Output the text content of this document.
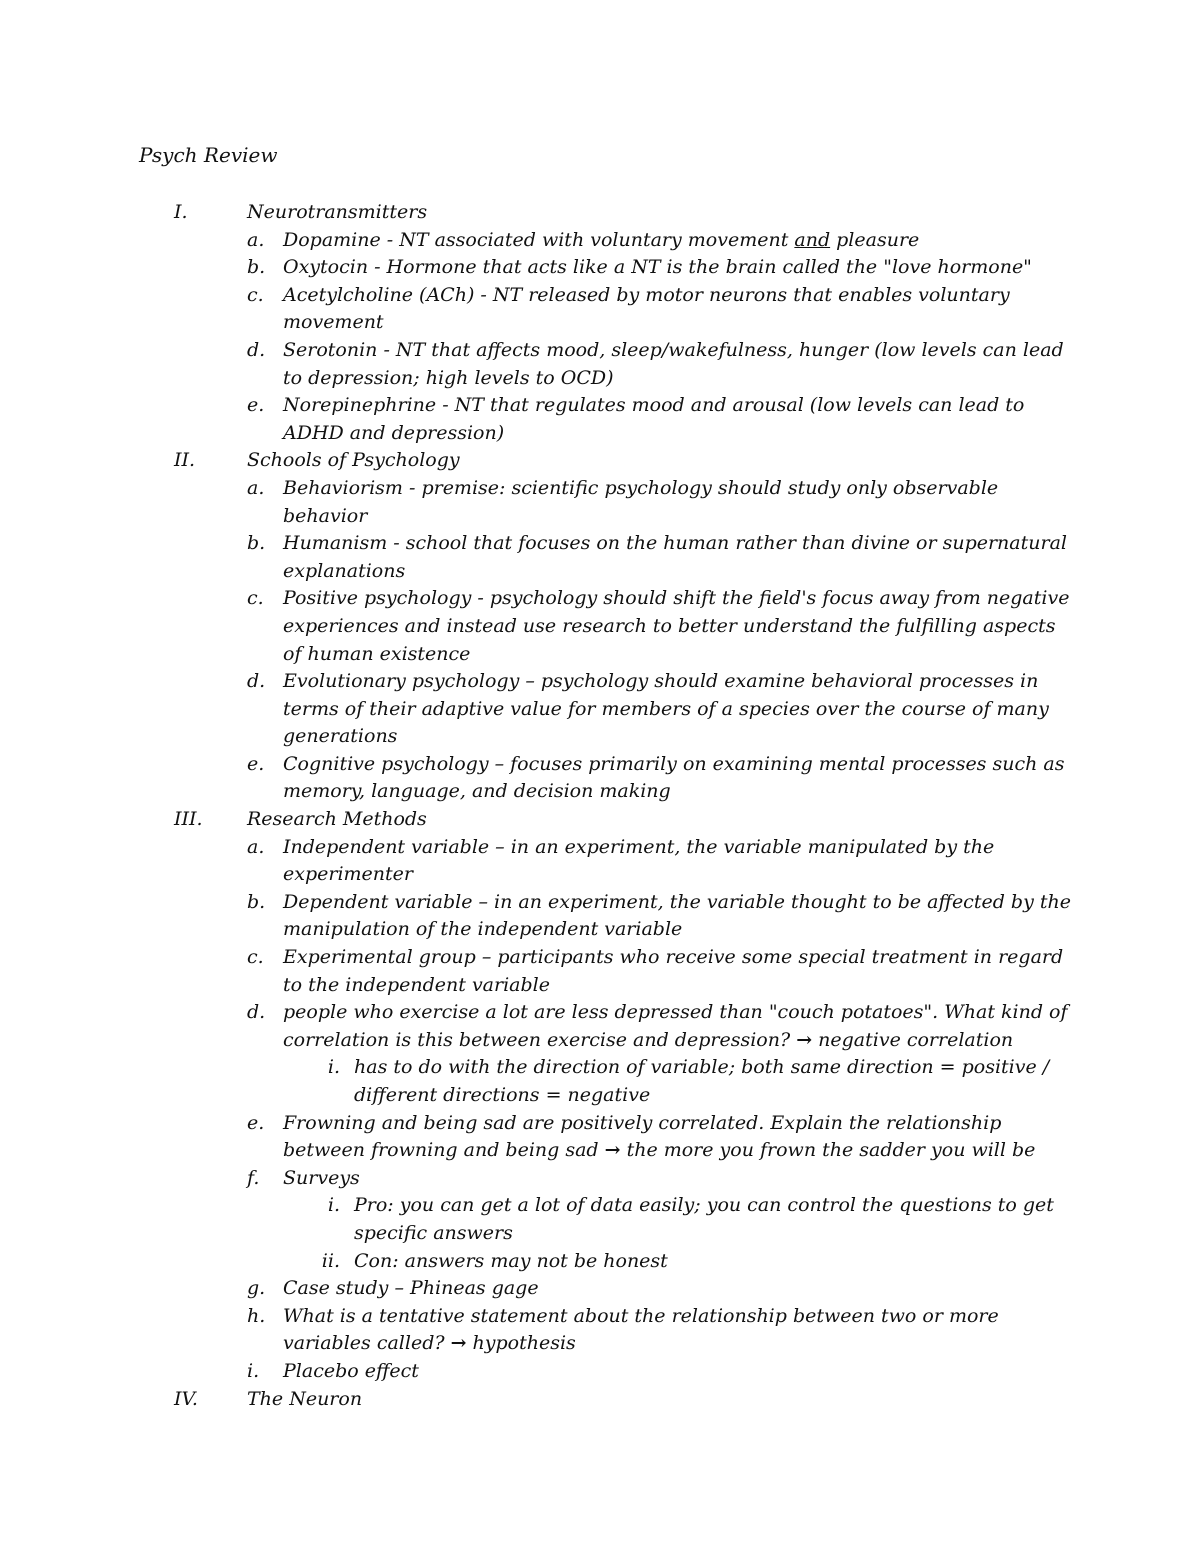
Psych Review
I.	Neurotransmitters
a. Dopamine - NT associated with voluntary movement and pleasure
b. Oxytocin - Hormone that acts like a NT is the brain called the "love hormone"
c. Acetylcholine (ACh) - NT released by motor neurons that enables voluntary movement
d. Serotonin - NT that affects mood, sleep/wakefulness, hunger (low levels can lead to depression; high levels to OCD)
e. Norepinephrine - NT that regulates mood and arousal (low levels can lead to ADHD and depression)
II.	Schools of Psychology
a. Behaviorism - premise: scientific psychology should study only observable behavior
b. Humanism - school that focuses on the human rather than divine or supernatural explanations
c. Positive psychology - psychology should shift the field's focus away from negative experiences and instead use research to better understand the fulfilling aspects of human existence
d. Evolutionary psychology – psychology should examine behavioral processes in terms of their adaptive value for members of a species over the course of many generations
e. Cognitive psychology – focuses primarily on examining mental processes such as memory, language, and decision making
III. Research Methods
a. Independent variable – in an experiment, the variable manipulated by the experimenter
b. Dependent variable – in an experiment, the variable thought to be affected by the manipulation of the independent variable
c. Experimental group – participants who receive some special treatment in regard to the independent variable
d. people who exercise a lot are less depressed than "couch potatoes". What kind of correlation is this between exercise and depression? → negative correlation
i. has to do with the direction of variable; both same direction = positive / different directions = negative
e. Frowning and being sad are positively correlated. Explain the relationship between frowning and being sad → the more you frown the sadder you will be
f. Surveys
i. Pro: you can get a lot of data easily; you can control the questions to get specific answers
ii. Con: answers may not be honest
g. Case study – Phineas gage
h. What is a tentative statement about the relationship between two or more variables called? → hypothesis
i. Placebo effect
IV.	The Neuron
